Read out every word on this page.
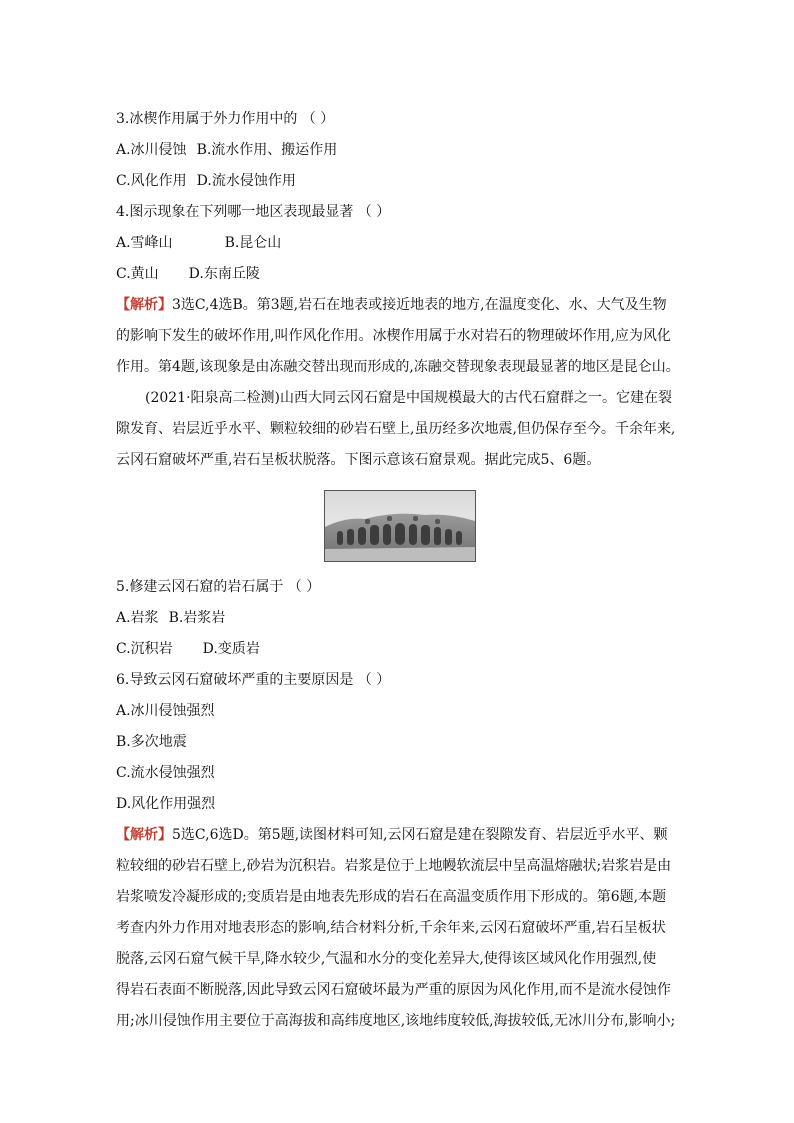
3.冰楔作用属于外力作用中的 （ ）
A.冰川侵蚀 B.流水作用、搬运作用
C.风化作用 D.流水侵蚀作用
4.图示现象在下列哪一地区表现最显著 （ ）
A.雪峰山	B.昆仑山
C.黄山 D.东南丘陵
【解析】3选C,4选B。第3题,岩石在地表或接近地表的地方,在温度变化、水、大气及生物
的影响下发生的破坏作用,叫作风化作用。冰楔作用属于水对岩石的物理破坏作用,应为风化
作用。第4题,该现象是由冻融交替出现而形成的,冻融交替现象表现最显著的地区是昆仑山。
(2021·阳泉高二检测)山西大同云冈石窟是中国规模最大的古代石窟群之一。它建在裂
隙发育、岩层近乎水平、颗粒较细的砂岩石壁上,虽历经多次地震,但仍保存至今。千余年来,
云冈石窟破坏严重,岩石呈板状脱落。下图示意该石窟景观。据此完成5、6题。
5.修建云冈石窟的岩石属于 （ ）
A.岩浆 B.岩浆岩
C.沉积岩 D.变质岩
6.导致云冈石窟破坏严重的主要原因是 （ ）
A.冰川侵蚀强烈
B.多次地震
C.流水侵蚀强烈
D.风化作用强烈
【解析】5选C,6选D。第5题,读图材料可知,云冈石窟是建在裂隙发育、岩层近乎水平、颗
粒较细的砂岩石壁上,砂岩为沉积岩。岩浆是位于上地幔软流层中呈高温熔融状;岩浆岩是由
岩浆喷发冷凝形成的;变质岩是由地表先形成的岩石在高温变质作用下形成的。第6题,本题
考查内外力作用对地表形态的影响,结合材料分析,千余年来,云冈石窟破坏严重,岩石呈板状
脱落,云冈石窟气候干旱,降水较少,气温和水分的变化差异大,使得该区域风化作用强烈,使
得岩石表面不断脱落,因此导致云冈石窟破坏最为严重的原因为风化作用,而不是流水侵蚀作
用;冰川侵蚀作用主要位于高海拔和高纬度地区,该地纬度较低,海拔较低,无冰川分布,影响小;
